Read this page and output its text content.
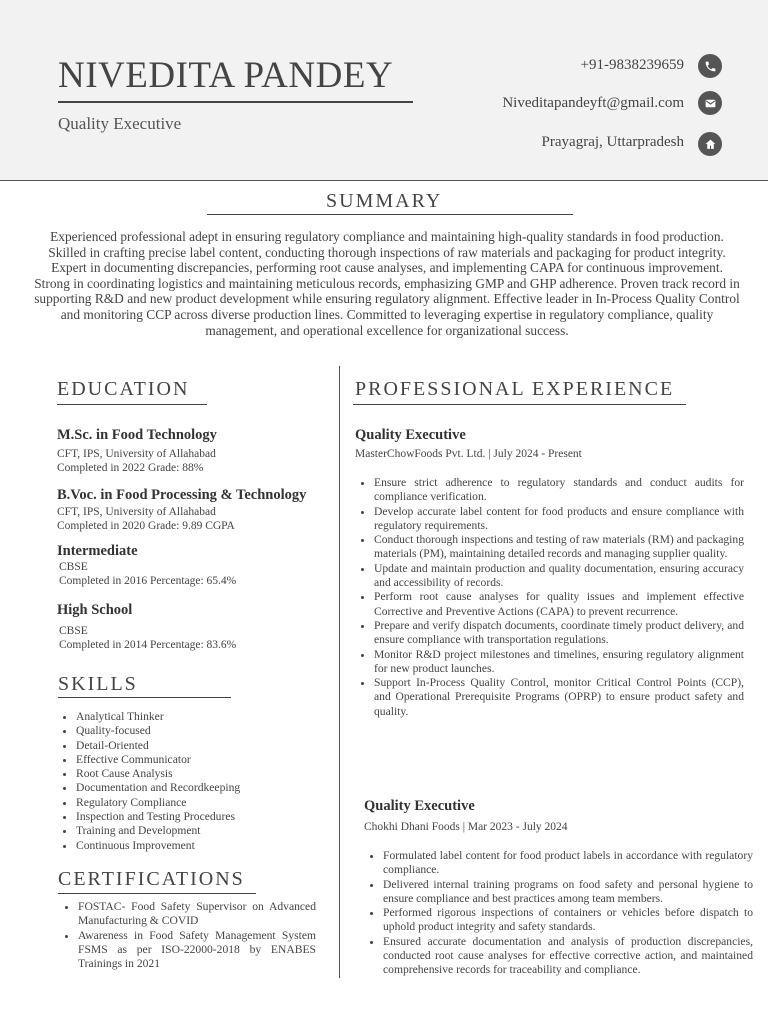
NIVEDITA PANDEY
Quality Executive
+91-9838239659
Niveditapandeyft@gmail.com
Prayagraj, Uttarpradesh
SUMMARY
Experienced professional adept in ensuring regulatory compliance and maintaining high-quality standards in food production. Skilled in crafting precise label content, conducting thorough inspections of raw materials and packaging for product integrity. Expert in documenting discrepancies, performing root cause analyses, and implementing CAPA for continuous improvement. Strong in coordinating logistics and maintaining meticulous records, emphasizing GMP and GHP adherence. Proven track record in supporting R&D and new product development while ensuring regulatory alignment. Effective leader in In-Process Quality Control and monitoring CCP across diverse production lines. Committed to leveraging expertise in regulatory compliance, quality management, and operational excellence for organizational success.
EDUCATION
M.Sc. in Food Technology
CFT, IPS, University of Allahabad
Completed in 2022 Grade: 88%
B.Voc. in Food Processing & Technology
CFT, IPS, University of Allahabad
Completed in 2020 Grade: 9.89 CGPA
Intermediate
CBSE
Completed in 2016 Percentage: 65.4%
High School
CBSE
Completed in 2014 Percentage: 83.6%
SKILLS
• Analytical Thinker
• Quality-focused
• Detail-Oriented
• Effective Communicator
• Root Cause Analysis
• Documentation and Recordkeeping
• Regulatory Compliance
• Inspection and Testing Procedures
• Training and Development
• Continuous Improvement
CERTIFICATIONS
• FOSTAC- Food Safety Supervisor on Advanced Manufacturing & COVID
• Awareness in Food Safety Management System FSMS as per ISO-22000-2018 by ENABES Trainings in 2021
PROFESSIONAL EXPERIENCE
Quality Executive
MasterChowFoods Pvt. Ltd. | July 2024 - Present
• Ensure strict adherence to regulatory standards and conduct audits for compliance verification.
• Develop accurate label content for food products and ensure compliance with regulatory requirements.
• Conduct thorough inspections and testing of raw materials (RM) and packaging materials (PM), maintaining detailed records and managing supplier quality.
• Update and maintain production and quality documentation, ensuring accuracy and accessibility of records.
• Perform root cause analyses for quality issues and implement effective Corrective and Preventive Actions (CAPA) to prevent recurrence.
• Prepare and verify dispatch documents, coordinate timely product delivery, and ensure compliance with transportation regulations.
• Monitor R&D project milestones and timelines, ensuring regulatory alignment for new product launches.
• Support In-Process Quality Control, monitor Critical Control Points (CCP), and Operational Prerequisite Programs (OPRP) to ensure product safety and quality.
Quality Executive
Chokhi Dhani Foods | Mar 2023 - July 2024
• Formulated label content for food product labels in accordance with regulatory compliance.
• Delivered internal training programs on food safety and personal hygiene to ensure compliance and best practices among team members.
• Performed rigorous inspections of containers or vehicles before dispatch to uphold product integrity and safety standards.
• Ensured accurate documentation and analysis of production discrepancies, conducted root cause analyses for effective corrective action, and maintained comprehensive records for traceability and compliance.
